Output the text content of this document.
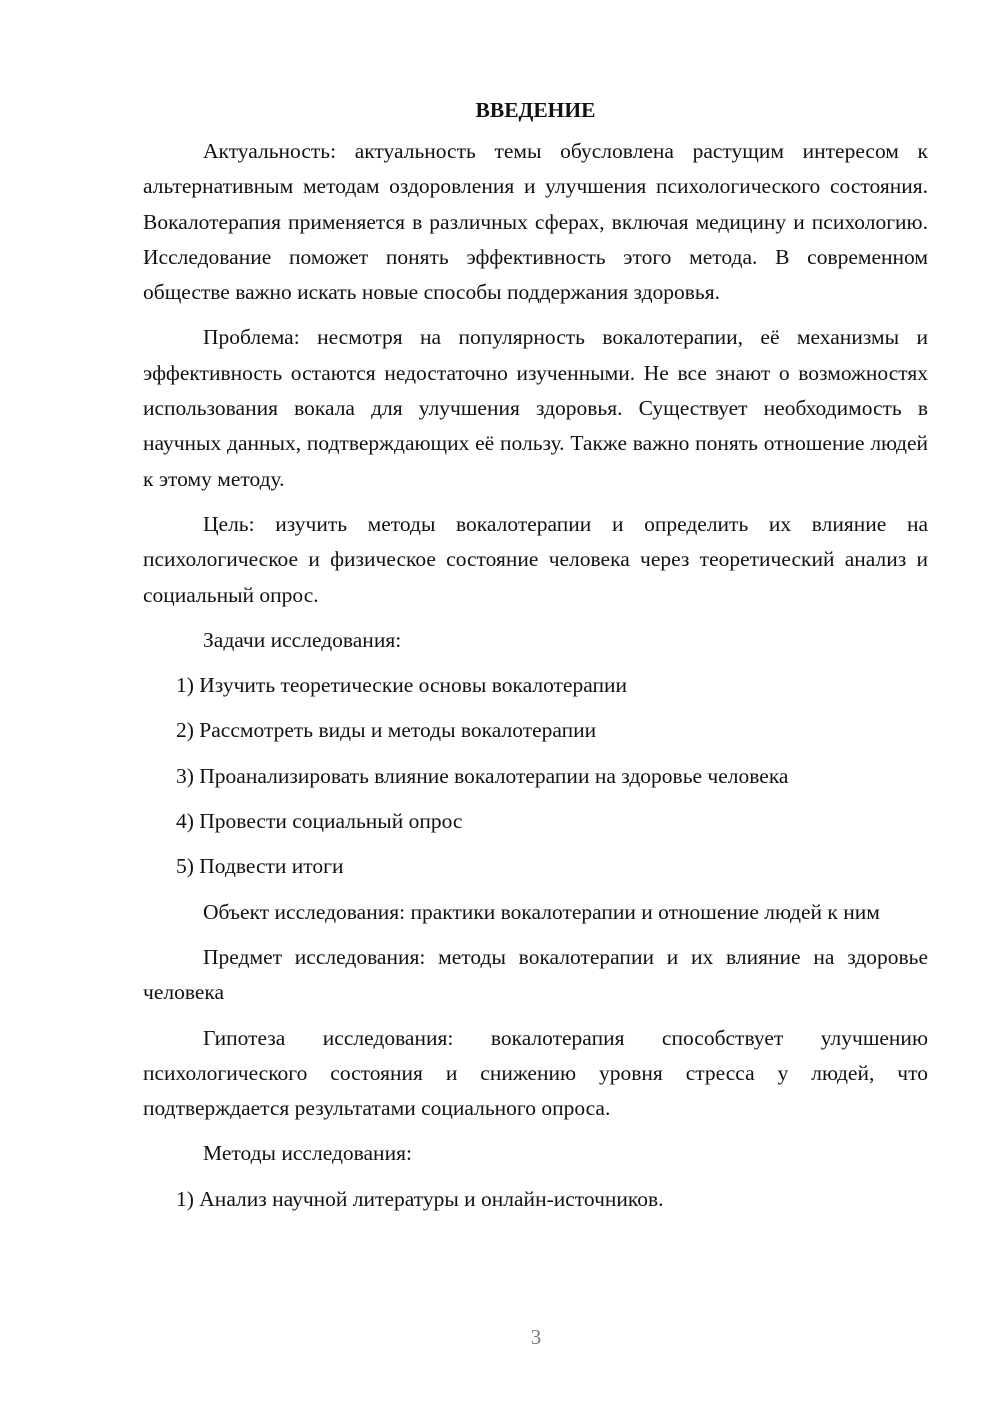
ВВЕДЕНИЕ

Актуальность: актуальность темы обусловлена растущим интересом к альтернативным методам оздоровления и улучшения психологического состояния. Вокалотерапия применяется в различных сферах, включая медицину и психологию. Исследование поможет понять эффективность этого метода. В современном обществе важно искать новые способы поддержания здоровья.

Проблема: несмотря на популярность вокалотерапии, её механизмы и эффективность остаются недостаточно изученными. Не все знают о возможностях использования вокала для улучшения здоровья. Существует необходимость в научных данных, подтверждающих её пользу. Также важно понять отношение людей к этому методу.

Цель: изучить методы вокалотерапии и определить их влияние на психологическое и физическое состояние человека через теоретический анализ и социальный опрос.

Задачи исследования:

1) Изучить теоретические основы вокалотерапии

2) Рассмотреть виды и методы вокалотерапии

3) Проанализировать влияние вокалотерапии на здоровье человека

4) Провести социальный опрос

5) Подвести итоги

Объект исследования: практики вокалотерапии и отношение людей к ним

Предмет исследования: методы вокалотерапии и их влияние на здоровье человека

Гипотеза исследования: вокалотерапия способствует улучшению психологического состояния и снижению уровня стресса у людей, что подтверждается результатами социального опроса.

Методы исследования:

1) Анализ научной литературы и онлайн-источников.

3
